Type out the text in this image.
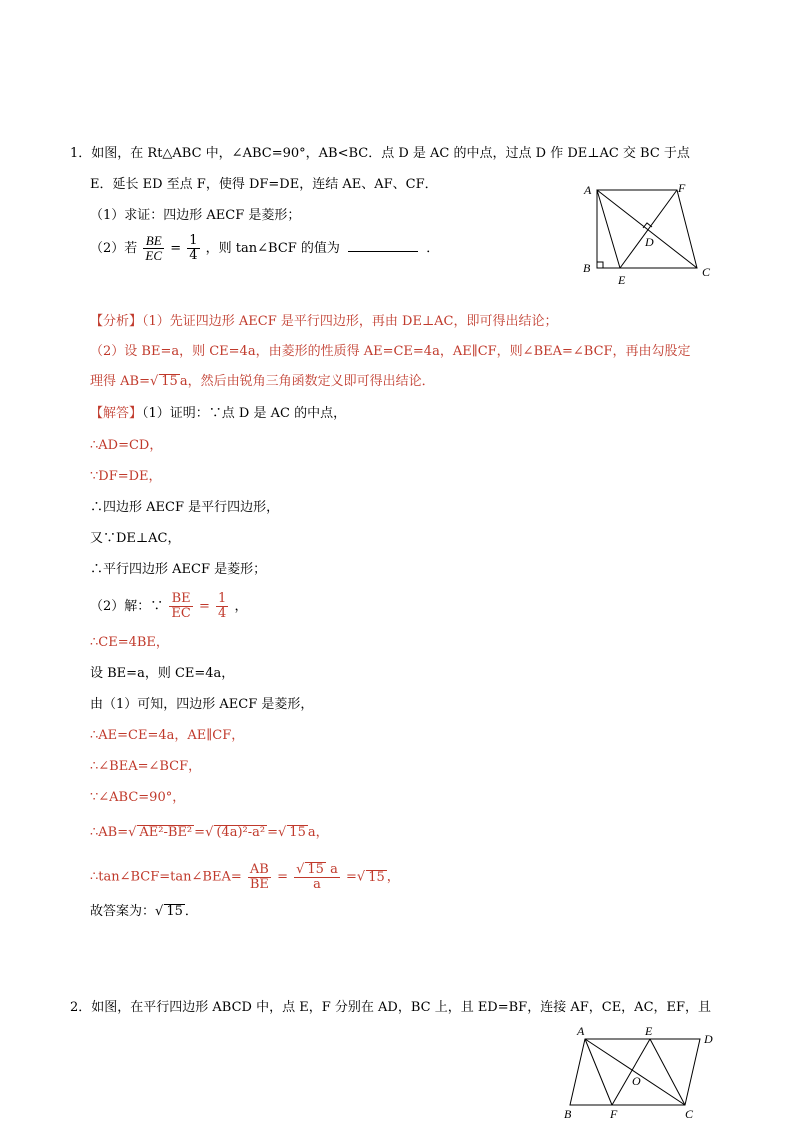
1．如图，在 Rt△ABC 中，∠ABC=90°，AB<BC．点 D 是 AC 的中点，过点 D 作 DE⊥AC 交 BC 于点
E．延长 ED 至点 F，使得 DF=DE，连结 AE、AF、CF．
（1）求证：四边形 AECF 是菱形；
（2）若 $\frac{BE}{EC} = \frac{1}{4}$ ，则 tan∠BCF 的值为	．
A	F
D
B
E
C
【分析】（1）先证四边形 AECF 是平行四边形，再由 DE⊥AC，即可得出结论；
（2）设 BE=a，则 CE=4a，由菱形的性质得 AE=CE=4a，AE∥CF，则∠BEA=∠BCF，再由勾股定
理得 AB=√ 15 a，然后由锐角三角函数定义即可得出结论．
【解答】（1）证明：∵点 D 是 AC 的中点，
∴AD=CD，
∵DF=DE，
∴四边形 AECF 是平行四边形，
又∵DE⊥AC，
∴平行四边形 AECF 是菱形；
（2）解：∵ $\frac{BE}{EC} = \frac{1}{4}$ ，
∴CE=4BE，
设 BE=a，则 CE=4a，
由（1）可知，四边形 AECF 是菱形，
∴AE=CE=4a，AE∥CF，
∴∠BEA=∠BCF，
∵∠ABC=90°，
∴AB=√ AE²-BE² =√ (4a)²-a² =√ 15 a，
∴tan∠BCF=tan∠BEA= $\frac{AB}{BE} = \frac{√ 15 a}{a}$ =√ 15 ，
故答案为：√ 15 ．
2．如图，在平行四边形 ABCD 中，点 E，F 分别在 AD，BC 上，且 ED=BF，连接 AF，CE，AC，EF，且
A	E
D
O
B	F	C
